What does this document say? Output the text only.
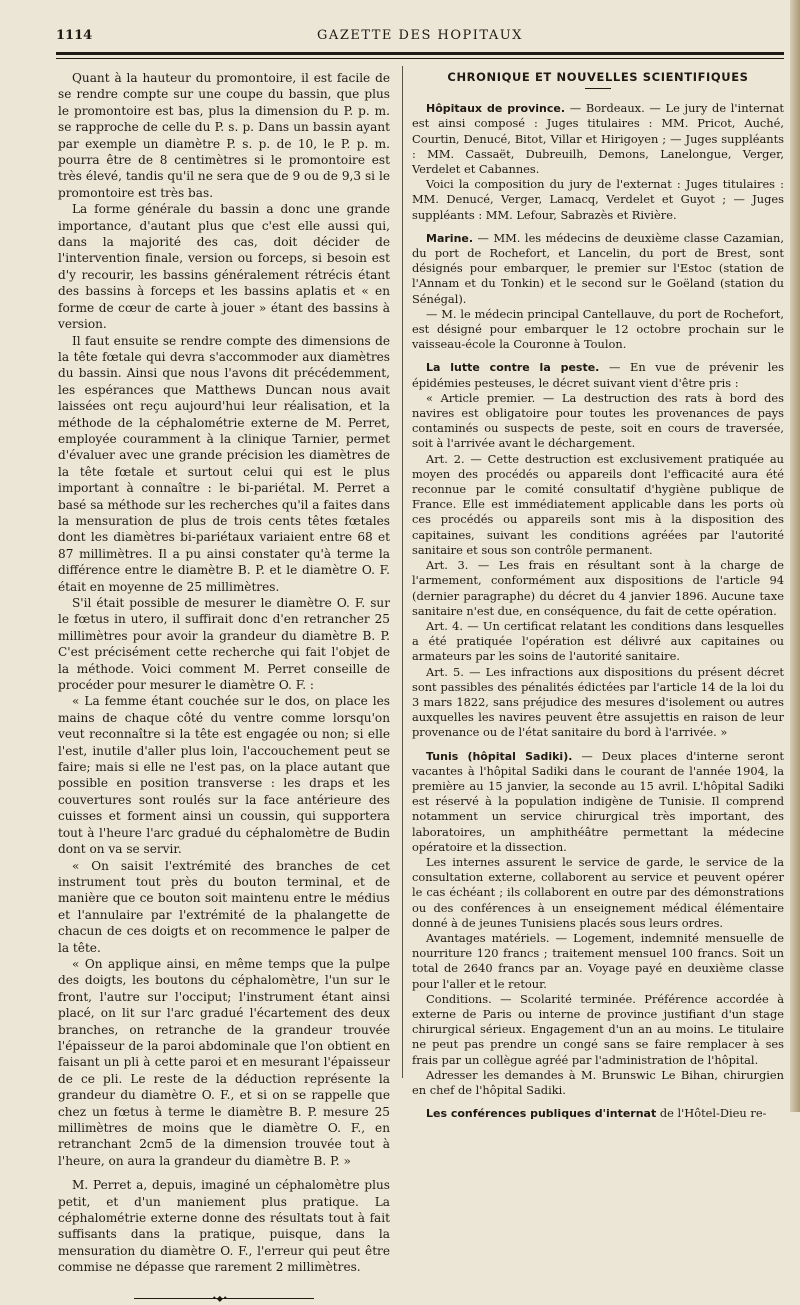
1114	GAZETTE DES HOPITAUX

Quant à la hauteur du promontoire, il est facile de se rendre compte sur une coupe du bassin, que plus le promontoire est bas, plus la dimension du P. p. m. se rapproche de celle du P. s. p. Dans un bassin ayant par exemple un diamètre P. s. p. de 10, le P. p. m. pourra être de 8 centimètres si le promontoire est très élevé, tandis qu'il ne sera que de 9 ou de 9,3 si le promontoire est très bas.

La forme générale du bassin a donc une grande importance, d'autant plus que c'est elle aussi qui, dans la majorité des cas, doit décider de l'intervention finale, version ou forceps, si besoin est d'y recourir, les bassins généralement rétrécis étant des bassins à forceps et les bassins aplatis et « en forme de cœur de carte à jouer » étant des bassins à version.

Il faut ensuite se rendre compte des dimensions de la tête fœtale qui devra s'accommoder aux diamètres du bassin. Ainsi que nous l'avons dit précédemment, les espérances que Matthews Duncan nous avait laissées ont reçu aujourd'hui leur réalisation, et la méthode de la céphalométrie externe de M. Perret, employée couramment à la clinique Tarnier, permet d'évaluer avec une grande précision les diamètres de la tête fœtale et surtout celui qui est le plus important à connaître : le bi-pariétal. M. Perret a basé sa méthode sur les recherches qu'il a faites dans la mensuration de plus de trois cents têtes fœtales dont les diamètres bi-pariétaux variaient entre 68 et 87 millimètres. Il a pu ainsi constater qu'à terme la différence entre le diamètre B. P. et le diamètre O. F. était en moyenne de 25 millimètres.

S'il était possible de mesurer le diamètre O. F. sur le fœtus in utero, il suffirait donc d'en retrancher 25 millimètres pour avoir la grandeur du diamètre B. P. C'est précisément cette recherche qui fait l'objet de la méthode. Voici comment M. Perret conseille de procéder pour mesurer le diamètre O. F. :

« La femme étant couchée sur le dos, on place les mains de chaque côté du ventre comme lorsqu'on veut reconnaître si la tête est engagée ou non; si elle l'est, inutile d'aller plus loin, l'accouchement peut se faire; mais si elle ne l'est pas, on la place autant que possible en position transverse : les draps et les couvertures sont roulés sur la face antérieure des cuisses et forment ainsi un coussin, qui supportera tout à l'heure l'arc gradué du céphalomètre de Budin dont on va se servir.

« On saisit l'extrémité des branches de cet instrument tout près du bouton terminal, et de manière que ce bouton soit maintenu entre le médius et l'annulaire par l'extrémité de la phalangette de chacun de ces doigts et on recommence le palper de la tête.

« On applique ainsi, en même temps que la pulpe des doigts, les boutons du céphalomètre, l'un sur le front, l'autre sur l'occiput; l'instrument étant ainsi placé, on lit sur l'arc gradué l'écartement des deux branches, on retranche de la grandeur trouvée l'épaisseur de la paroi abdominale que l'on obtient en faisant un pli à cette paroi et en mesurant l'épaisseur de ce pli. Le reste de la déduction représente la grandeur du diamètre O. F., et si on se rappelle que chez un fœtus à terme le diamètre B. P. mesure 25 millimètres de moins que le diamètre O. F., en retranchant 2cm5 de la dimension trouvée tout à l'heure, on aura la grandeur du diamètre B. P. »

M. Perret a, depuis, imaginé un céphalomètre plus petit, et d'un maniement plus pratique. La céphalométrie externe donne des résultats tout à fait suffisants dans la pratique, puisque, dans la mensuration du diamètre O. F., l'erreur qui peut être commise ne dépasse que rarement 2 millimètres.

•◆•
CHRONIQUE ET NOUVELLES SCIENTIFIQUES

Hôpitaux de province. — Bordeaux. — Le jury de l'internat est ainsi composé : Juges titulaires : MM. Pricot, Auché, Courtin, Denucé, Bitot, Villar et Hirigoyen ; — Juges suppléants : MM. Cassaët, Dubreuilh, Demons, Lanelongue, Verger, Verdelet et Cabannes.

Voici la composition du jury de l'externat : Juges titulaires : MM. Denucé, Verger, Lamacq, Verdelet et Guyot ; — Juges suppléants : MM. Lefour, Sabrazès et Rivière.

Marine. — MM. les médecins de deuxième classe Cazamian, du port de Rochefort, et Lancelin, du port de Brest, sont désignés pour embarquer, le premier sur l'Estoc (station de l'Annam et du Tonkin) et le second sur le Goëland (station du Sénégal).

— M. le médecin principal Cantellauve, du port de Rochefort, est désigné pour embarquer le 12 octobre prochain sur le vaisseau-école la Couronne à Toulon.

La lutte contre la peste. — En vue de prévenir les épidémies pesteuses, le décret suivant vient d'être pris :

« Article premier. — La destruction des rats à bord des navires est obligatoire pour toutes les provenances de pays contaminés ou suspects de peste, soit en cours de traversée, soit à l'arrivée avant le déchargement.

Art. 2. — Cette destruction est exclusivement pratiquée au moyen des procédés ou appareils dont l'efficacité aura été reconnue par le comité consultatif d'hygiène publique de France. Elle est immédiatement applicable dans les ports où ces procédés ou appareils sont mis à la disposition des capitaines, suivant les conditions agréées par l'autorité sanitaire et sous son contrôle permanent.

Art. 3. — Les frais en résultant sont à la charge de l'armement, conformément aux dispositions de l'article 94 (dernier paragraphe) du décret du 4 janvier 1896. Aucune taxe sanitaire n'est due, en conséquence, du fait de cette opération.

Art. 4. — Un certificat relatant les conditions dans lesquelles a été pratiquée l'opération est délivré aux capitaines ou armateurs par les soins de l'autorité sanitaire.

Art. 5. — Les infractions aux dispositions du présent décret sont passibles des pénalités édictées par l'article 14 de la loi du 3 mars 1822, sans préjudice des mesures d'isolement ou autres auxquelles les navires peuvent être assujettis en raison de leur provenance ou de l'état sanitaire du bord à l'arrivée. »

Tunis (hôpital Sadiki). — Deux places d'interne seront vacantes à l'hôpital Sadiki dans le courant de l'année 1904, la première au 15 janvier, la seconde au 15 avril. L'hôpital Sadiki est réservé à la population indigène de Tunisie. Il comprend notamment un service chirurgical très important, des laboratoires, un amphithéâtre permettant la médecine opératoire et la dissection.

Les internes assurent le service de garde, le service de la consultation externe, collaborent au service et peuvent opérer le cas échéant ; ils collaborent en outre par des démonstrations ou des conférences à un enseignement médical élémentaire donné à de jeunes Tunisiens placés sous leurs ordres.

Avantages matériels. — Logement, indemnité mensuelle de nourriture 120 francs ; traitement mensuel 100 francs. Soit un total de 2640 francs par an. Voyage payé en deuxième classe pour l'aller et le retour.

Conditions. — Scolarité terminée. Préférence accordée à externe de Paris ou interne de province justifiant d'un stage chirurgical sérieux. Engagement d'un an au moins. Le titulaire ne peut pas prendre un congé sans se faire remplacer à ses frais par un collègue agréé par l'administration de l'hôpital.

Adresser les demandes à M. Brunswic Le Bihan, chirurgien en chef de l'hôpital Sadiki.

Les conférences publiques d'internat de l'Hôtel-Dieu re-
